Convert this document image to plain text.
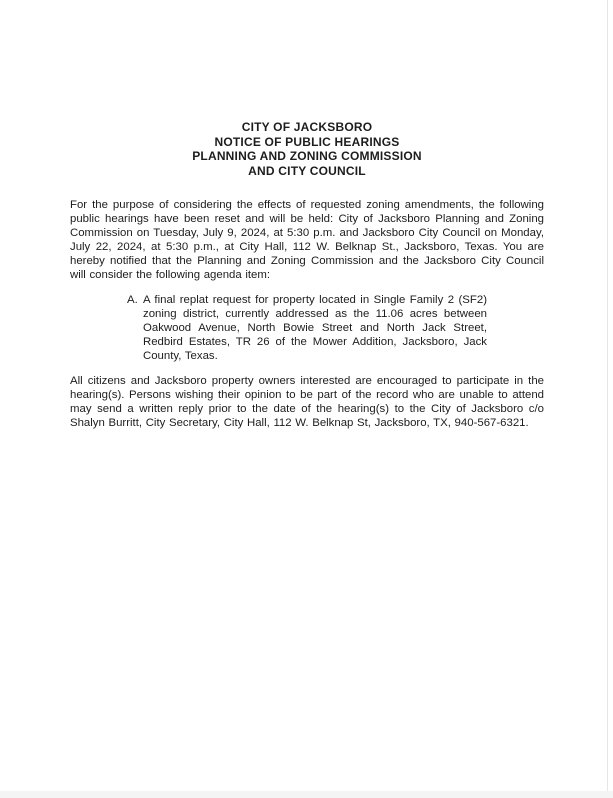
CITY OF JACKSBORO
NOTICE OF PUBLIC HEARINGS
PLANNING AND ZONING COMMISSION
AND CITY COUNCIL

For the purpose of considering the effects of requested zoning amendments, the following public hearings have been reset and will be held: City of Jacksboro Planning and Zoning Commission on Tuesday, July 9, 2024, at 5:30 p.m. and Jacksboro City Council on Monday, July 22, 2024, at 5:30 p.m., at City Hall, 112 W. Belknap St., Jacksboro, Texas. You are hereby notified that the Planning and Zoning Commission and the Jacksboro City Council will consider the following agenda item:

A. A final replat request for property located in Single Family 2 (SF2) zoning district, currently addressed as the 11.06 acres between Oakwood Avenue, North Bowie Street and North Jack Street, Redbird Estates, TR 26 of the Mower Addition, Jacksboro, Jack County, Texas.

All citizens and Jacksboro property owners interested are encouraged to participate in the hearing(s). Persons wishing their opinion to be part of the record who are unable to attend may send a written reply prior to the date of the hearing(s) to the City of Jacksboro c/o Shalyn Burritt, City Secretary, City Hall, 112 W. Belknap St, Jacksboro, TX, 940-567-6321.
